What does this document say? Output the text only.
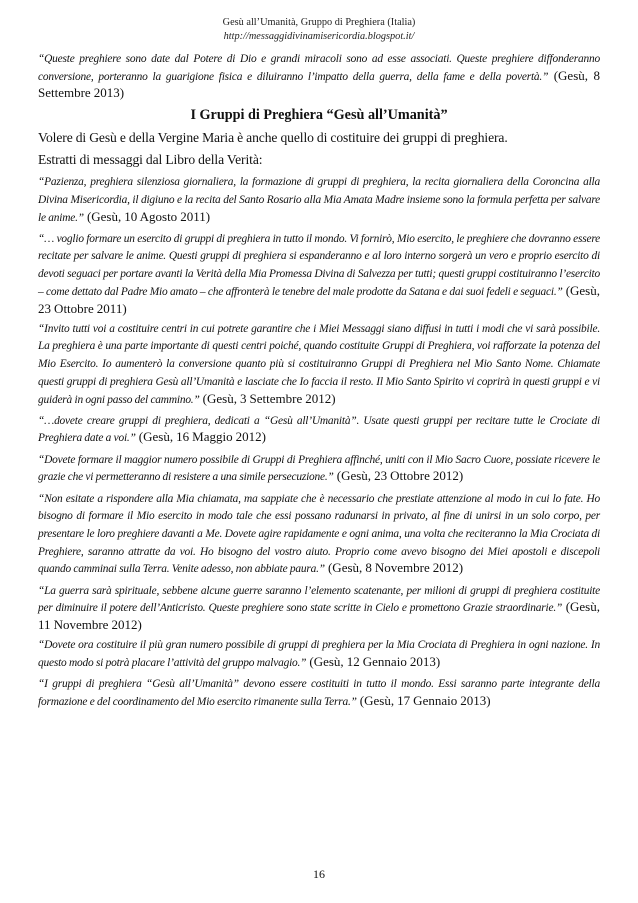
Gesù all’Umanità, Gruppo di Preghiera (Italia)
http://messaggidivinamisericordia.blogspot.it/

“Queste preghiere sono date dal Potere di Dio e grandi miracoli sono ad esse associati. Queste preghiere diffonderanno conversione, porteranno la guarigione fisica e diluiranno l’impatto della guerra, della fame e della povertà.” (Gesù, 8 Settembre 2013)

I Gruppi di Preghiera “Gesù all’Umanità”

Volere di Gesù e della Vergine Maria è anche quello di costituire dei gruppi di preghiera.

Estratti di messaggi dal Libro della Verità:

“Pazienza, preghiera silenziosa giornaliera, la formazione di gruppi di preghiera, la recita giornaliera della Coroncina alla Divina Misericordia, il digiuno e la recita del Santo Rosario alla Mia Amata Madre insieme sono la formula perfetta per salvare le anime.” (Gesù, 10 Agosto 2011)

“… voglio formare un esercito di gruppi di preghiera in tutto il mondo. Vi fornirò, Mio esercito, le preghiere che dovranno essere recitate per salvare le anime. Questi gruppi di preghiera si espanderanno e al loro interno sorgerà un vero e proprio esercito di devoti seguaci per portare avanti la Verità della Mia Promessa Divina di Salvezza per tutti; questi gruppi costituiranno l’esercito – come dettato dal Padre Mio amato – che affronterà le tenebre del male prodotte da Satana e dai suoi fedeli e seguaci.” (Gesù, 23 Ottobre 2011)

“Invito tutti voi a costituire centri in cui potrete garantire che i Miei Messaggi siano diffusi in tutti i modi che vi sarà possibile. La preghiera è una parte importante di questi centri poiché, quando costituite Gruppi di Preghiera, voi rafforzate la potenza del Mio Esercito. Io aumenterò la conversione quanto più si costituiranno Gruppi di Preghiera nel Mio Santo Nome. Chiamate questi gruppi di preghiera Gesù all’Umanità e lasciate che Io faccia il resto. Il Mio Santo Spirito vi coprirà in questi gruppi e vi guiderà in ogni passo del cammino.” (Gesù, 3 Settembre 2012)

“…dovete creare gruppi di preghiera, dedicati a “Gesù all’Umanità”. Usate questi gruppi per recitare tutte le Crociate di Preghiera date a voi.” (Gesù, 16 Maggio 2012)

“Dovete formare il maggior numero possibile di Gruppi di Preghiera affinché, uniti con il Mio Sacro Cuore, possiate ricevere le grazie che vi permetteranno di resistere a una simile persecuzione.” (Gesù, 23 Ottobre 2012)

“Non esitate a rispondere alla Mia chiamata, ma sappiate che è necessario che prestiate attenzione al modo in cui lo fate. Ho bisogno di formare il Mio esercito in modo tale che essi possano radunarsi in privato, al fine di unirsi in un solo corpo, per presentare le loro preghiere davanti a Me. Dovete agire rapidamente e ogni anima, una volta che reciteranno la Mia Crociata di Preghiere, saranno attratte da voi. Ho bisogno del vostro aiuto. Proprio come avevo bisogno dei Miei apostoli e discepoli quando camminai sulla Terra. Venite adesso, non abbiate paura.” (Gesù, 8 Novembre 2012)

“La guerra sarà spirituale, sebbene alcune guerre saranno l’elemento scatenante, per milioni di gruppi di preghiera costituite per diminuire il potere dell’Anticristo. Queste preghiere sono state scritte in Cielo e promettono Grazie straordinarie.” (Gesù, 11 Novembre 2012)

“Dovete ora costituire il più gran numero possibile di gruppi di preghiera per la Mia Crociata di Preghiera in ogni nazione. In questo modo si potrà placare l’attività del gruppo malvagio.” (Gesù, 12 Gennaio 2013)

“I gruppi di preghiera “Gesù all’Umanità” devono essere costituiti in tutto il mondo. Essi saranno parte integrante della formazione e del coordinamento del Mio esercito rimanente sulla Terra.” (Gesù, 17 Gennaio 2013)

16
